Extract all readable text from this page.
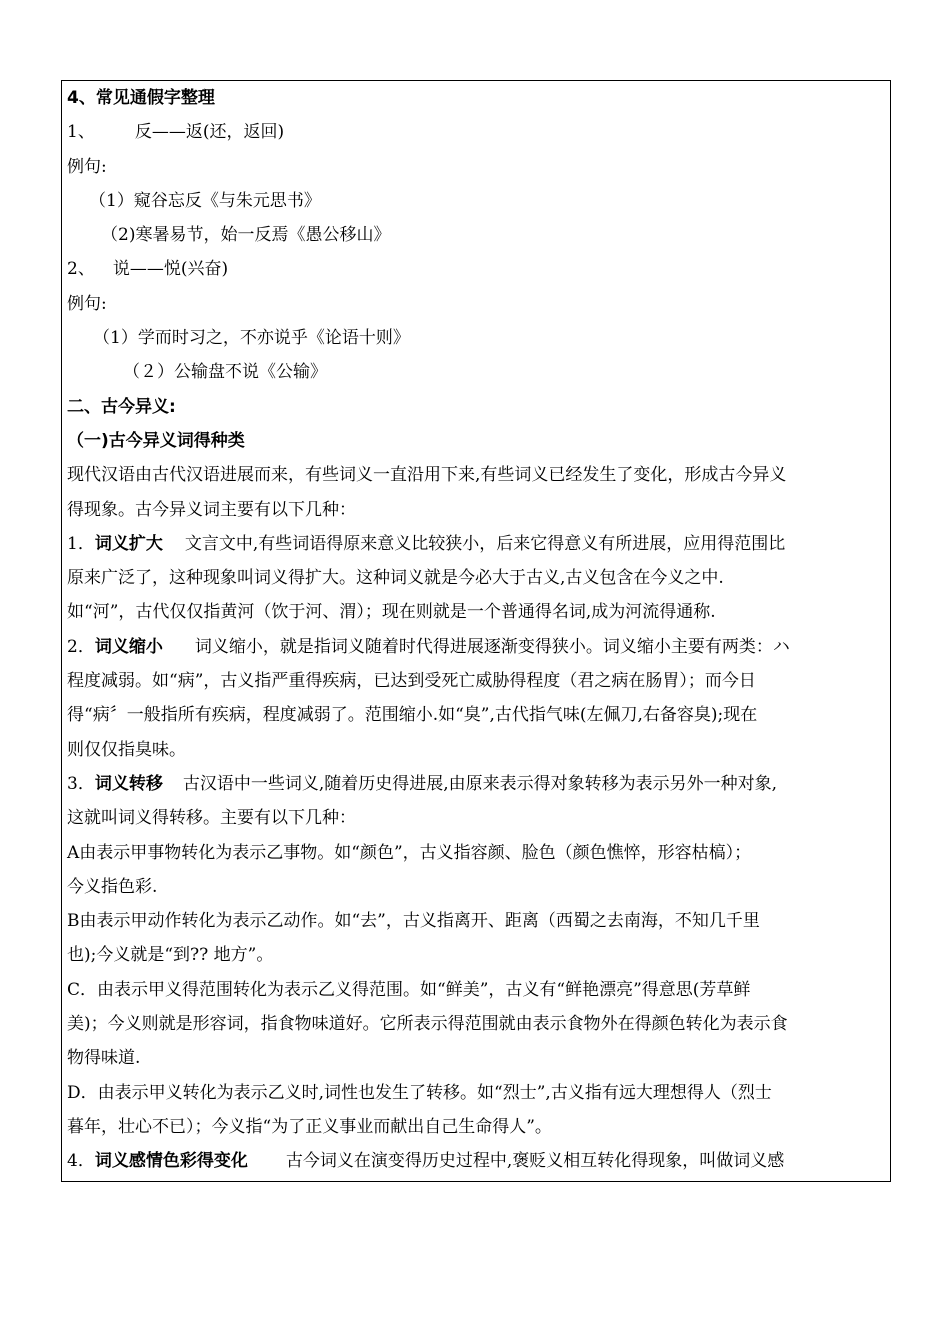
4、常见通假字整理
1、 反——返(还，返回)
例句:
（1）窥谷忘反《与朱元思书》
（2)寒暑易节，始一反焉《愚公移山》
2、 说——悦(兴奋)
例句:
（1）学而时习之，不亦说乎《论语十则》
（２）公输盘不说《公输》
二、古今异义:
（一)古今异义词得种类
现代汉语由古代汉语进展而来，有些词义一直沿用下来,有些词义已经发生了变化，形成古今异义
得现象。古今异义词主要有以下几种：
1．词义扩大 文言文中,有些词语得原来意义比较狭小，后来它得意义有所进展，应用得范围比
原来广泛了，这种现象叫词义得扩大。这种词义就是今必大于古义,古义包含在今义之中.
如“河”，古代仅仅指黄河（饮于河、渭）；现在则就是一个普通得名词,成为河流得通称.
2．词义缩小 词义缩小，就是指词义随着时代得进展逐渐变得狭小。词义缩小主要有两类：ハ
程度减弱。如“病”，古义指严重得疾病，已达到受死亡威胁得程度（君之病在肠胃）；而今日
得“病〞一般指所有疾病，程度减弱了。范围缩小.如“臭”,古代指气味(左佩刀,右备容臭);现在
则仅仅指臭味。
3．词义转移 古汉语中一些词义,随着历史得进展,由原来表示得对象转移为表示另外一种对象,
这就叫词义得转移。主要有以下几种：
A由表示甲事物转化为表示乙事物。如“颜色”，古义指容颜、脸色（颜色憔悴，形容枯槁）；
今义指色彩.
B由表示甲动作转化为表示乙动作。如“去”，古义指离开、距离（西蜀之去南海，不知几千里
也);今义就是“到?? 地方”。
C．由表示甲义得范围转化为表示乙义得范围。如“鲜美”，古义有“鲜艳漂亮”得意思(芳草鲜
美)；今义则就是形容词，指食物味道好。它所表示得范围就由表示食物外在得颜色转化为表示食
物得味道.
D．由表示甲义转化为表示乙义时,词性也发生了转移。如“烈士”,古义指有远大理想得人（烈士
暮年，壮心不已）；今义指“为了正义事业而献出自己生命得人”。
4．词义感情色彩得变化 古今词义在演变得历史过程中,褒贬义相互转化得现象，叫做词义感
